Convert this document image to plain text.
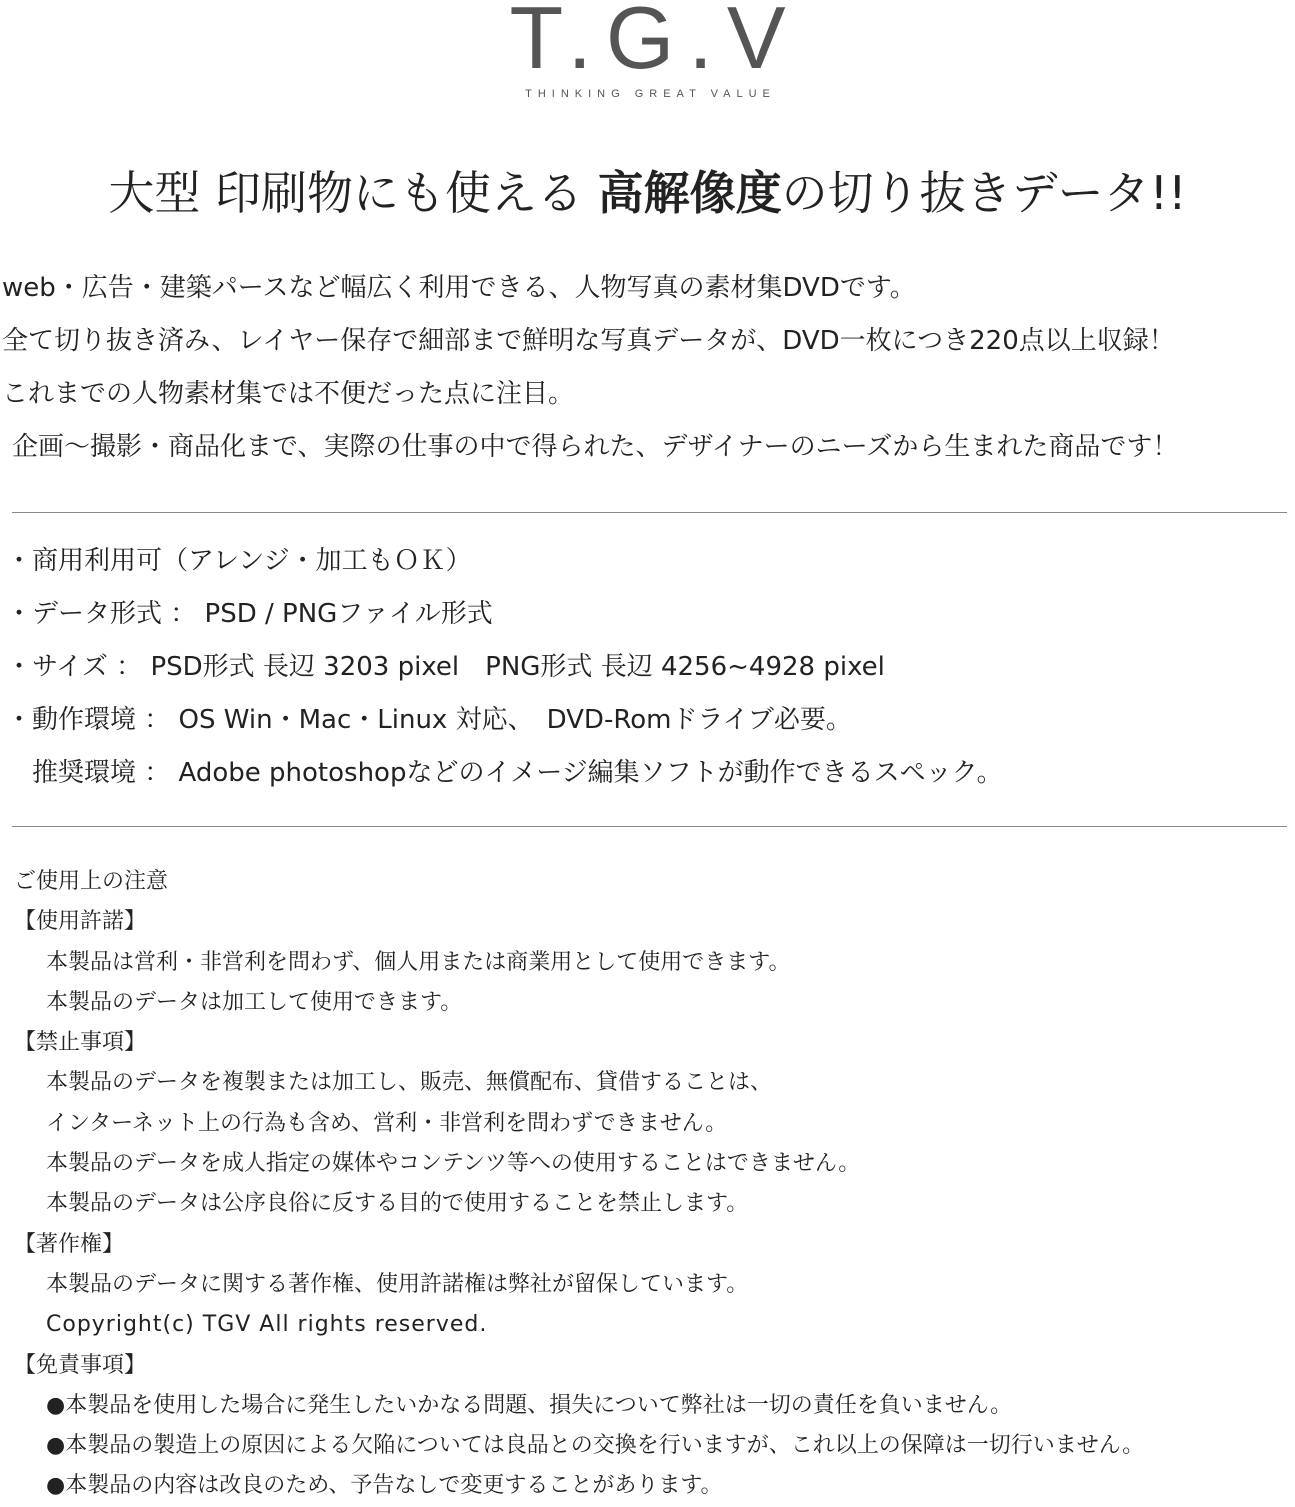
T.G.V
THINKING GREAT VALUE
大型 印刷物にも使える 高解像度の切り抜きデータ!!

web・広告・建築パースなど幅広く利用できる、人物写真の素材集DVDです。

全て切り抜き済み、レイヤー保存で細部まで鮮明な写真データが、DVD一枚につき220点以上収録！

これまでの人物素材集では不便だった点に注目。

企画～撮影・商品化まで、実際の仕事の中で得られた、デザイナーのニーズから生まれた商品です！

・商用利用可（アレンジ・加工もＯＫ）

・データ形式 ： PSD / PNGファイル形式

・サイズ ： PSD形式 長辺 3203 pixel　PNG形式 長辺 4256~4928 pixel

・動作環境 ： OS Win・Mac・Linux 対応、　DVD-Romドライブ必要。

　推奨環境 ： Adobe photoshopなどのイメージ編集ソフトが動作できるスペック。

ご使用上の注意

【使用許諾】

本製品は営利・非営利を問わず、個人用または商業用として使用できます。

本製品のデータは加工して使用できます。

【禁止事項】

本製品のデータを複製または加工し、販売、無償配布、貸借することは、

インターネット上の行為も含め、営利・非営利を問わずできません。

本製品のデータを成人指定の媒体やコンテンツ等への使用することはできません。

本製品のデータは公序良俗に反する目的で使用することを禁止します。

【著作権】

本製品のデータに関する著作権、使用許諾権は弊社が留保しています。

Copyright(c) TGV All rights reserved.

【免責事項】

●本製品を使用した場合に発生したいかなる問題、損失について弊社は一切の責任を負いません。

●本製品の製造上の原因による欠陥については良品との交換を行いますが、これ以上の保障は一切行いません。

●本製品の内容は改良のため、予告なしで変更することがあります。
